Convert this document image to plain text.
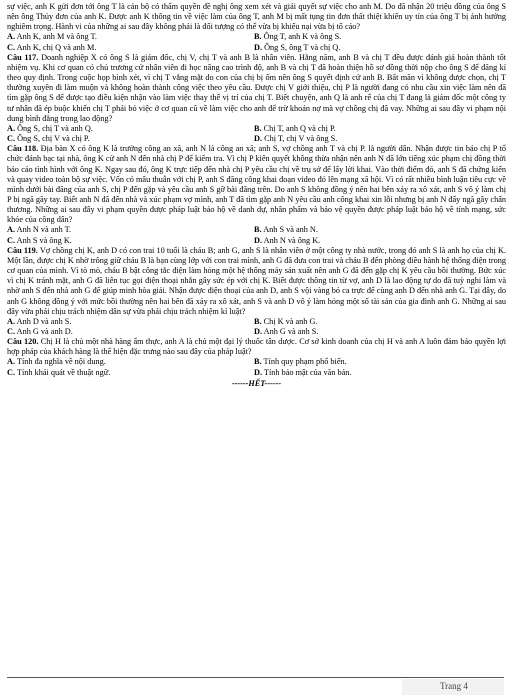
sự việc, anh K gửi đơn tới ông T là cán bộ có thẩm quyền đề nghị ông xem xét và giải quyết sự việc cho anh M. Do đã nhận 20 triệu đồng của ông S nên ông Thủy đơn của anh K. Được anh K thông tin về việc làm của ông T, anh M bị mất tụng tin đơn thất thiệt khiến uy tín của ông T bị ảnh hưởng nghiêm trọng. Hành vi của những ai sau đây không phải là đối tượng có thể vừa bị khiếu nại vừa bị tố cáo?

A. Anh K, anh M và ông T.	B. Ông T, anh K và ông S.
C. Anh K, chị Q và anh M.	D. Ông S, ông T và chị Q.

Câu 117. Doanh nghiệp X có ông S là giám đốc, chị V, chị T và anh B là nhân viên. Hằng năm, anh B và chị T đều được đánh giá hoàn thành tốt nhiệm vụ. Khi cơ quan có chủ trương cử nhân viên đi học nâng cao trình độ, anh B và chị T đã hoàn thiện hồ sơ đồng thời nộp cho ông S để đăng kí theo quy định. Trong cuộc họp bình xét, vì chị T vắng mặt do con của chị bị ốm nên ông S quyết định cử anh B. Bất mãn vì không được chọn, chị T thường xuyên đi làm muộn và không hoàn thành công việc theo yêu cầu. Được chị V giới thiệu, chị P là người đang có nhu cầu xin việc làm nên đã tìm gặp ông S để được tạo điều kiện nhận vào làm việc thay thế vị trí của chị T. Biết chuyện, anh Q là anh rể của chị T đang là giám đốc một công ty tư nhân đã ép buộc khiến chị T phải bỏ việc ở cơ quan cũ về làm việc cho anh để trừ khoản nợ mà vợ chồng chị đã vay. Những ai sau đây vi phạm nội dung bình đẳng trong lao động?

A. Ông S, chị T và anh Q.	B. Chị T, anh Q và chị P.
C. Ông S, chị V và chị P.	D. Chị T, chị V và ông S.

Câu 118. Địa bàn X có ông K là trưởng công an xã, anh N là công an xã; anh S, vợ chồng anh T và chị P. là người dân. Nhận được tin báo chị P tổ chức đánh bạc tại nhà, ông K cử anh N đến nhà chị P để kiểm tra. Vì chị P kiên quyết không thừa nhận nên anh N đã lớn tiếng xúc phạm chị đồng thời bảo cáo tình hình với ông K. Ngay sau đó, ông K trực tiếp đến nhà chị P yêu cầu chị về trụ sở để lấy lời khai. Vào thời điểm đó, anh S đã chứng kiến và quay video toàn bộ sự việc. Vốn có mâu thuẫn với chị P, anh S đăng công khai đoạn video đó lên mạng xã hội. Vì có rất nhiều bình luận tiêu cực về mình dưới bài đăng của anh S, chị P đến gặp và yêu cầu anh S gỡ bài đăng trên. Do anh S không đồng ý nên hai bên xảy ra xô xát, anh S vô ý làm chị P bị ngã gãy tay. Biết anh N đã đến nhà và xúc phạm vợ mình, anh T đã tìm gặp anh N yêu cầu anh công khai xin lỗi nhưng bị anh N đẩy ngã gây chấn thương. Những ai sau đây vi phạm quyền được pháp luật bảo hộ về danh dự, nhân phẩm và bảo vệ quyền được pháp luật bảo hộ về tính mạng, sức khỏe của công dân?

A. Anh N và anh T.	B. Anh S và anh N.
C. Anh S và ông K.	D. Anh N và ông K.

Câu 119. Vợ chồng chị K, anh D có con trai 10 tuổi là cháu B; anh G, anh S là nhân viên ở một công ty nhà nước, trong đó anh S là anh họ của chị K. Một lần, được chị K nhờ trông giữ cháu B là bạn cùng lớp với con trai mình, anh G đã đưa con trai và cháu B đến phòng điều hành hệ thống điện trong cơ quan của mình. Vì tò mò, cháu B bật công tắc điện làm hỏng một hệ thống máy sản xuất nên anh G đã đến gặp chị K yêu cầu bồi thường. Bức xúc vì chị K tránh mặt, anh G đã liên tục gọi điện thoại nhắn gây sức ép với chị K. Biết được thông tin từ vợ, anh D là lao động tự do đã tuỳ nghi làm và nhờ anh S đến nhà anh G để giúp minh hòa giải. Nhận được điện thoại của anh D, anh S vội vàng bỏ ca trực để cùng anh D đến nhà anh G. Tại đây, do anh G không đồng ý với mức bồi thường nên hai bên đã xảy ra xô xát, anh S và anh D vô ý làm hỏng một số tài sản của gia đình anh G. Những ai sau đây vừa phải chịu trách nhiệm dân sự vừa phải chịu trách nhiệm kỉ luật?

A. Anh D và anh S.	B. Chị K và anh G.
C. Anh G và anh D.	D. Anh G và anh S.

Câu 120. Chị H là chủ một nhà hàng ẩm thực, anh A là chủ một đại lý thuốc tân dược. Cơ sở kinh doanh của chị H và anh A luôn đảm bảo quyền lợi hợp pháp của khách hàng là thể hiện đặc trưng nào sau đây của pháp luật?

A. Tính đa nghĩa về nội dung.	B. Tính quy phạm phổ biến.
C. Tính khái quát về thuật ngữ.	D. Tính bảo mật của văn bản.
------HẾT------
Trang 4
